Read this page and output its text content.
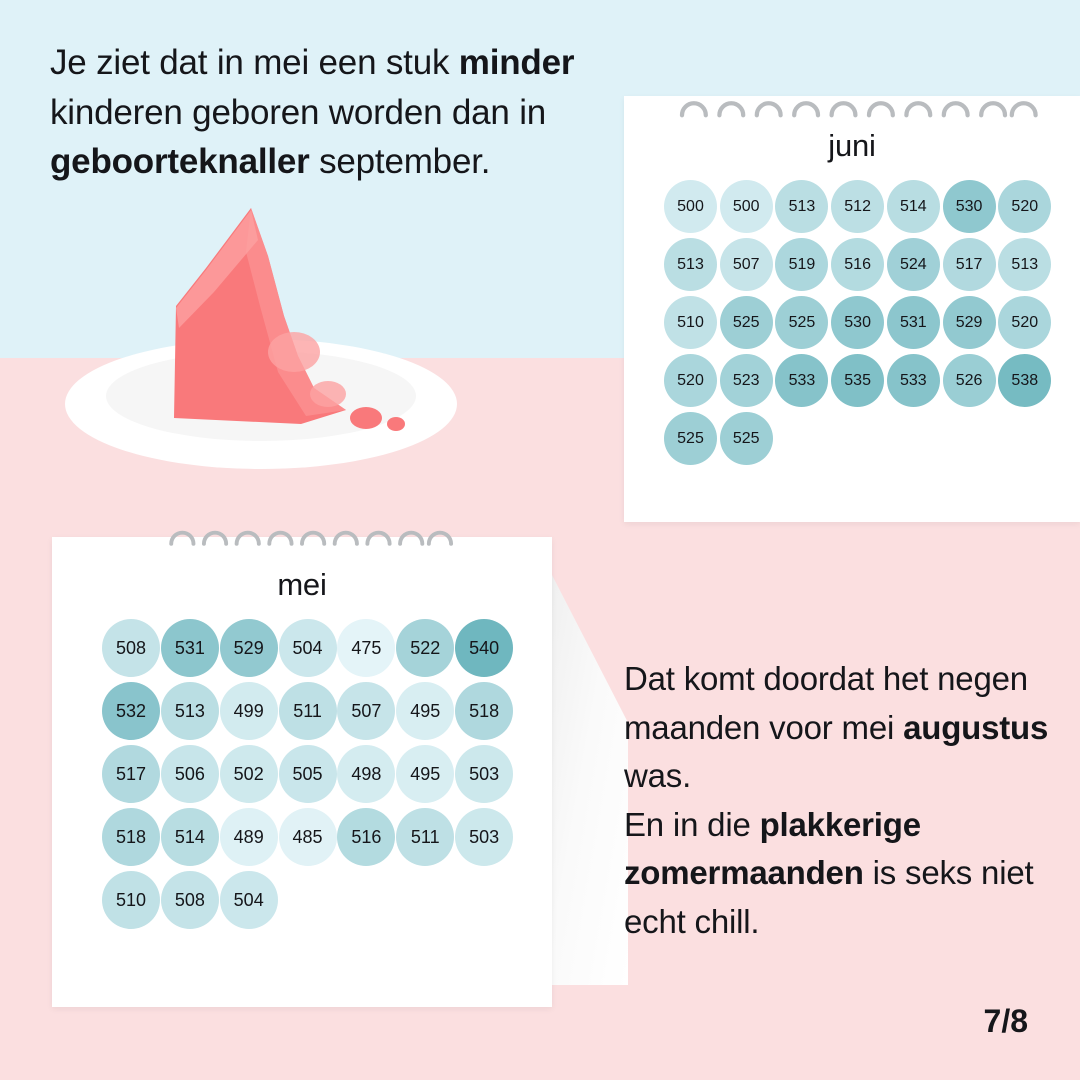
Je ziet dat in mei een stuk minder
kinderen geboren worden dan in
geboorteknaller september.	juni
500	500	513	512	514	530	520
513	507	519	516	524	517	513
510	525	525	530	531	529	520
520	523	533	535	533	526	538
525	525
mei
508	531	529	504	475	522	540
532	513	499	511	507	495	518
517	506	502	505	498	495	503
518	514	489	485	516	511	503
510	508	504
Dat komt doordat het negen maanden voor mei augustus was.
En in die plakkerige zomermaanden is seks niet echt chill.
7/8
